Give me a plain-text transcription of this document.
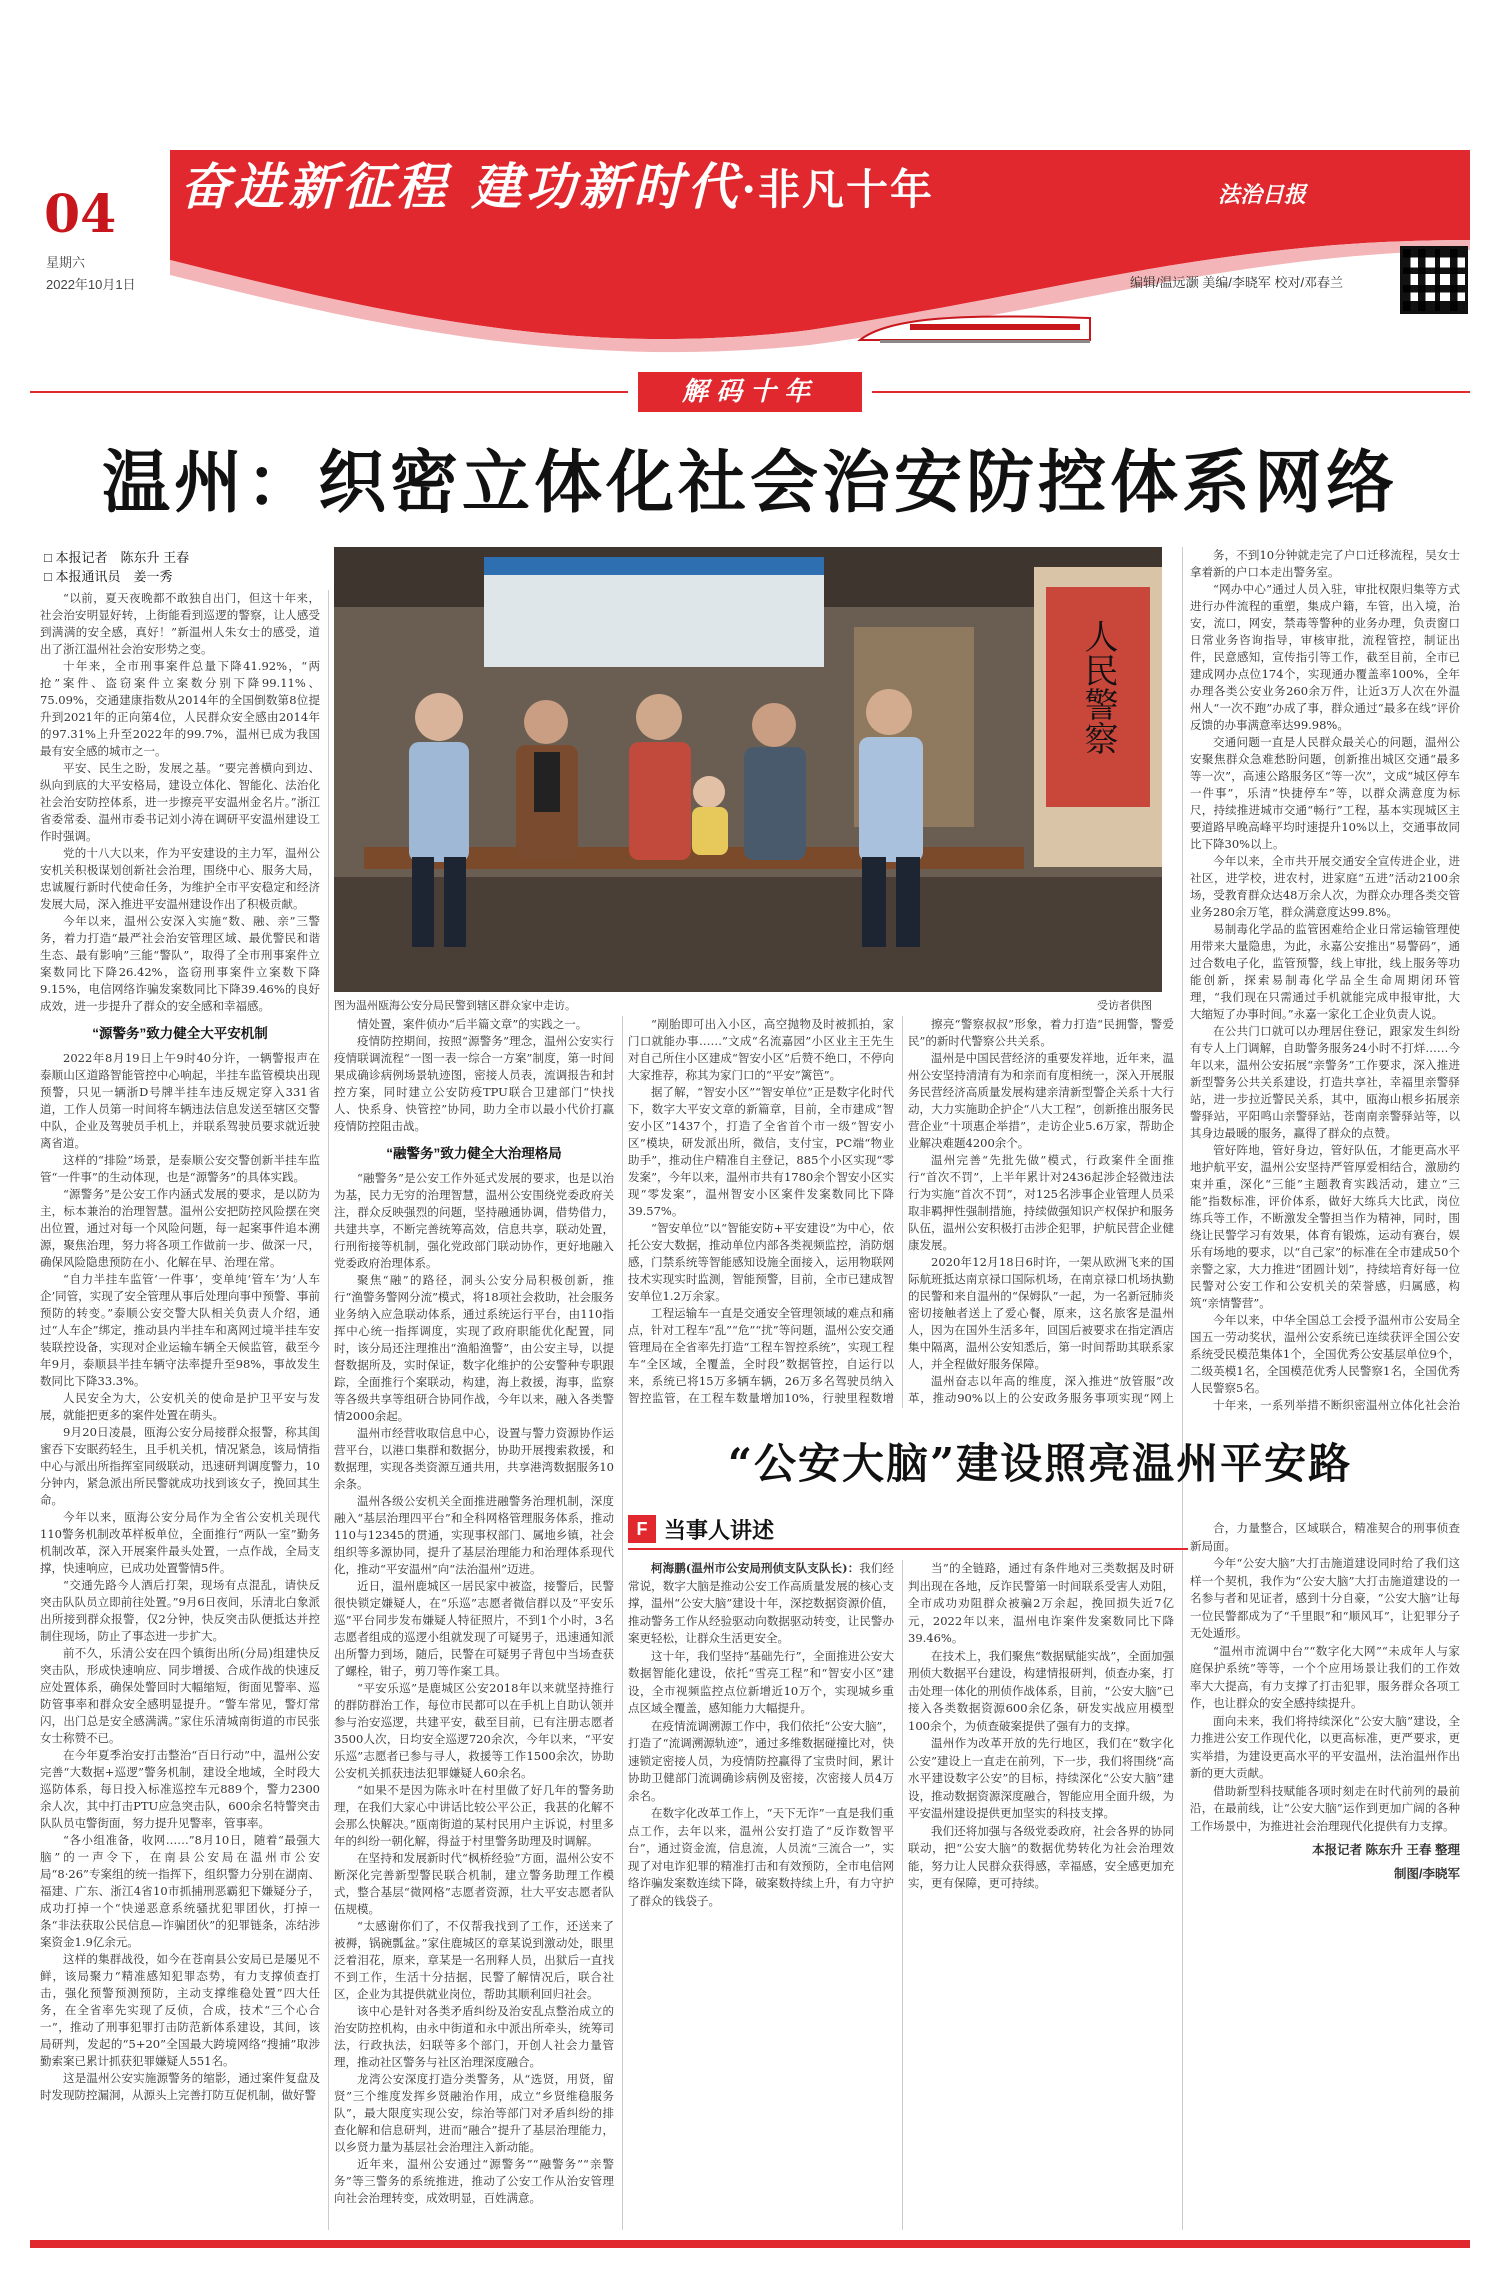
04
星期六
2022年10月1日
奋进新征程 建功新时代·非凡十年	法治日报
编辑/温远灏 美编/李晓军 校对/邓春兰
解码十年
温州：织密立体化社会治安防控体系网络
□ 本报记者　陈东升 王春
□ 本报通讯员　姜一秀
人民警察
图为温州瓯海公安分局民警到辖区群众家中走访。	受访者供图

“以前，夏天夜晚都不敢独自出门，但这十年来，社会治安明显好转，上街能看到巡逻的警察，让人感受到满满的安全感，真好！”新温州人朱女士的感受，道出了浙江温州社会治安形势之变。

十年来，全市刑事案件总量下降41.92%，“两抢”案件、盗窃案件立案数分别下降99.11%、75.09%，交通建康指数从2014年的全国倒数第8位提升到2021年的正向第4位，人民群众安全感由2014年的97.31%上升至2022年的99.7%，温州已成为我国最有安全感的城市之一。

平安、民生之盼，发展之基。“要完善横向到边、纵向到底的大平安格局，建设立体化、智能化、法治化社会治安防控体系，进一步擦亮平安温州金名片。”浙江省委常委、温州市委书记刘小涛在调研平安温州建设工作时强调。

党的十八大以来，作为平安建设的主力军，温州公安机关积极谋划创新社会治理，围绕中心、服务大局，忠诚履行新时代使命任务，为维护全市平安稳定和经济发展大局，深入推进平安温州建设作出了积极贡献。

今年以来，温州公安深入实施“数、融、亲”三警务，着力打造“最严社会治安管理区域、最优警民和谐生态、最有影响”三能“警队”，取得了全市刑事案件立案数同比下降26.42%，盗窃刑事案件立案数下降9.15%，电信网络诈骗发案数同比下降39.46%的良好成效，进一步提升了群众的安全感和幸福感。

“源警务”致力健全大平安机制

2022年8月19日上午9时40分许，一辆警报声在泰顺山区道路智能管控中心响起，半挂车监管模块出现预警，只见一辆浙D号牌半挂车违反规定穿入331省道，工作人员第一时间将车辆违法信息发送至辖区交警中队，企业及驾驶员手机上，并联系驾驶员要求就近驶离省道。

这样的“排险”场景，是泰顺公安交警创新半挂车监管“一件事”的生动体现，也是“源警务”的具体实践。

“源警务”是公安工作内涵式发展的要求，是以防为主，标本兼治的治理智慧。温州公安把防控风险摆在突出位置，通过对每一个风险问题，每一起案事件追本溯源，聚焦治理，努力将各项工作做前一步、做深一尺，确保风险隐患预防在小、化解在早、治理在常。

“自力半挂车监管‘一件事’，变单纯‘管车’为‘人车企’同管，实现了安全管理从事后处理向事中预警、事前预防的转变。”泰顺公安交警大队相关负责人介绍，通过“人车企”绑定，推动县内半挂车和离网过境半挂车安装联控设备，实现对企业运输车辆全天候监管，截至今年9月，泰顺县半挂车辆守法率提升至98%，事故发生数同比下降33.3%。

人民安全为大，公安机关的使命是护卫平安与发展，就能把更多的案件处置在萌头。

9月20日凌晨，瓯海公安分局接群众报警，称其闺蜜吞下安眠药轻生，且手机关机，情况紧急，该局情指中心与派出所指挥室同级联动，迅速研判调度警力，10分钟内，紧急派出所民警就成功找到该女子，挽回其生命。

今年以来，瓯海公安分局作为全省公安机关现代110警务机制改革样板单位，全面推行“两队一室”勤务机制改革，深入开展案件最头处置，一点作战，全局支撑，快速响应，已成功处置警情5件。

“交通先路今人酒后打架，现场有点混乱，请快反突击队队员立即前往处置。”9月6日夜间，乐清北白象派出所接到群众报警，仅2分钟，快反突击队便抵达并控制住现场，防止了事态进一步扩大。

前不久，乐清公安在四个镇街出所(分局)组建快反突击队，形成快速响应、同步增援、合成作战的快速反应处置体系，确保处警回时大幅缩短，街面见警率、巡防管事率和群众安全感明显提升。“警车常见，警灯常闪，出门总是安全感满满。”家住乐清城南街道的市民张女士称赞不已。

在今年夏季治安打击整治“百日行动”中，温州公安完善“大数据+巡逻”警务机制，建设全地域，全时段大巡防体系，每日投入标准巡控车元889个，警力2300余人次，其中打击PTU应急突击队，600余名特警突击队队员屯警街面，努力提升见警率，管事率。

“各小组准备，收网……”8月10日，随着“最强大脑”的一声令下，在南县公安局在温州市公安局“8·26”专案组的统一指挥下，组织警力分别在湖南、福建、广东、浙江4省10市抓捕刑恶霸犯下嫌疑分子，成功打掉一个“快递恶意系统骚扰犯罪团伙，打掉一条“非法获取公民信息—诈骗团伙”的犯罪链条，冻结涉案资金1.9亿余元。

这样的集群战役，如今在苍南县公安局已是屡见不鲜，该局聚力“精准感知犯罪态势，有力支撑侦查打击，强化预警预测预防，主动支撑维稳处置”四大任务，在全省率先实现了反侦，合成，技术“三个心合一”，推动了刑事犯罪打击防范新体系建设，其间，该局研判，发起的“5+20”全国最大跨境网络“搜捕”取涉勤索案已累计抓获犯罪嫌疑人551名。

这是温州公安实施源警务的缩影，通过案件复盘及时发现防控漏洞，从源头上完善打防互促机制，做好警

情处置，案件侦办“后半篇文章”的实践之一。

疫情防控期间，按照“源警务”理念，温州公安实行疫情联调流程“一图一表一综合一方案”制度，第一时间果成确诊病例场景轨迹图，密接人员表，流调报告和封控方案，同时建立公安防疫TPU联合卫建部门“快找人、快系身、快管控”协同，助力全市以最小代价打赢疫情防控阻击战。

“融警务”致力健全大治理格局

“融警务”是公安工作外延式发展的要求，也是以治为基，民力无穷的治理智慧，温州公安围绕党委政府关注，群众反映强烈的问题，坚持融通协调，借势借力，共建共享，不断完善统筹高效，信息共享，联动处置，行刑衔接等机制，强化党政部门联动协作，更好地融入党委政府治理体系。

聚焦“融”的路径，洞头公安分局积极创新，推行“渔警务警网分流”模式，将18项社会救助，社会服务业务纳入应急联动体系，通过系统运行平台，由110指挥中心统一指挥调度，实现了政府职能优化配置，同时，该分局还注理推出“渔船渔警”，由公安主导，以提督数据所及，实时保证，数字化维护的公安警种专职跟踪，全面推行个案联动，构建，海上救援，海事，监察等各级共享等组研合协同作战，今年以来，融入各类警情2000余起。

温州市经营收取信息中心，设置与警力资源协作运营平台，以港口集群和数据分，协助开展搜索救援，和数据理，实现各类资源互通共用，共享港湾数据服务10余条。

温州各级公安机关全面推进融警务治理机制，深度融入“基层治理四平台”和全科网格管理服务体系，推动110与12345的贯通，实现事权部门、属地乡镇，社会组织等多源协同，提升了基层治理能力和治理体系现代化，推动“平安温州”向“法治温州”迈进。

近日，温州鹿城区一居民家中被盗，接警后，民警很快锁定嫌疑人，在“乐巡”志愿者微信群以及“平安乐巡”平台同步发布嫌疑人特征照片，不到1个小时，3名志愿者组成的巡逻小组就发现了可疑男子，迅速通知派出所警力到场，随后，民警在可疑男子背包中当场查获了螺栓，钳子，剪刀等作案工具。

“平安乐巡”是鹿城区公安2018年以来就坚持推行的群防群治工作，每位市民都可以在手机上自助认领并参与治安巡逻，共建平安，截至目前，已有注册志愿者3500人次，日均安全巡逻720余次，今年以来，“平安乐巡”志愿者已参与寻人，救援等工作1500余次，协助公安机关抓获违法犯罪嫌疑人60余名。

“如果不是因为陈永叶在村里做了好几年的警务助理，在我们大家心中讲话比较公平公正，我甚的化解不会那么快解决。”瓯南街道的某村民用户主诉说，村里多年的纠纷一朝化解，得益于村里警务助理及时调解。

在坚持和发展新时代“枫桥经验”方面，温州公安不断深化完善新型警民联合机制，建立警务助理工作模式，整合基层“微网格”志愿者资源，壮大平安志愿者队伍规模。

“太感谢你们了，不仅帮我找到了工作，还送来了被褥，锅碗瓢盆。”家住鹿城区的章某说到激动处，眼里泛着泪花，原来，章某是一名刑释人员，出狱后一直找不到工作，生活十分拮据，民警了解情况后，联合社区，企业为其提供就业岗位，帮助其顺利回归社会。

该中心是针对各类矛盾纠纷及治安乱点整治成立的治安防控机构，由永中街道和永中派出所牵头，统筹司法，行政执法，妇联等多个部门，开创人社会力量管理，推动社区警务与社区治理深度融合。

龙湾公安深度打造分类警务，从“选贤，用贤，留贤”三个维度发挥乡贤融治作用，成立“乡贤维稳服务队”，最大限度实现公安，综治等部门对矛盾纠纷的排查化解和信息研判，进而“融合”提升了基层治理能力，以乡贤力量为基层社会治理注入新动能。

近年来，温州公安通过“源警务”“融警务”“亲警务”等三警务的系统推进，推动了公安工作从治安管理向社会治理转变，成效明显，百姓满意。

“剐胎即可出入小区，高空抛物及时被抓拍，家门口就能办事……”文成“名流嘉园”小区业主王先生对自己所住小区建成“智安小区”后赞不绝口，不停向大家推荐，称其为家门口的“平安”篱笆”。

据了解，“智安小区”“智安单位”正是数字化时代下，数字大平安文章的新篇章，目前，全市建成“智安小区”1437个，打造了全省首个市一级“智安小区”模块，研发派出所，微信，支付宝，PC端“物业助手”，推动住户精准自主登记，885个小区实现“零发案”，今年以来，温州市共有1780余个智安小区实现“零发案”，温州智安小区案件发案数同比下降39.57%。

“智安单位”以“智能安防+平安建设”为中心，依托公安大数据，推动单位内部各类视频监控，消防烟感，门禁系统等智能感知设施全面接入，运用物联网技术实现实时监测，智能预警，目前，全市已建成智安单位1.2万余家。

工程运输车一直是交通安全管理领域的难点和痛点，针对工程车“乱”“危”“扰”等问题，温州公安交通管理局在全省率先打造“工程车智控系统”，实现工程车“全区域，全覆盖，全时段”数据管控，自运行以来，系统已将15万多辆车辆，26万多名驾驶员纳入智控监管，在工程车数量增加10%，行驶里程数增

擦亮“警察叔叔”形象，着力打造“民拥警，警爱民”的新时代警察公共关系。

温州是中国民营经济的重要发祥地，近年来，温州公安坚持清清有为和亲而有度相统一，深入开展服务民营经济高质量发展构建亲清新型警企关系十大行动，大力实施助企护企“八大工程”，创新推出服务民营企业“十项惠企举措”，走访企业5.6万家，帮助企业解决难题4200余个。

温州完善“先批先做”模式，行政案件全面推行“首次不罚”，上半年累计对2436起涉企轻微违法行为实施“首次不罚”，对125名涉事企业管理人员采取非羁押性强制措施，持续做强知识产权保护和服务队伍，温州公安积极打击涉企犯罪，护航民营企业健康发展。

2020年12月18日6时许，一架从欧洲飞来的国际航班抵达南京禄口国际机场，在南京禄口机场执勤的民警和来自温州的“保姆队”一起，为一名新冠肺炎密切接触者送上了爱心餐，原来，这名旅客是温州人，因为在国外生活多年，回国后被要求在指定酒店集中隔离，温州公安知悉后，第一时间帮助其联系家人，并全程做好服务保障。

温州奋志以年高的维度，深入推进“放管服”改革，推动90%以上的公安政务服务事项实现“网上

务，不到10分钟就走完了户口迁移流程，吴女士拿着新的户口本走出警务室。

“网办中心”通过人员入驻，审批权限归集等方式进行办件流程的重塑，集成户籍，车管，出入境，治安，流口，网安，禁毒等警种的业务办理，负责窗口日常业务咨询指导，审核审批，流程管控，制证出件，民意感知，宣传指引等工作，截至目前，全市已建成网办点位174个，实现通办覆盖率100%，全年办理各类公安业务260余万件，让近3万人次在外温州人“一次不跑”办成了事，群众通过“最多在线”评价反馈的办事满意率达99.98%。

交通问题一直是人民群众最关心的问题，温州公安聚焦群众急难愁盼问题，创新推出城区交通“最多等一次”，高速公路服务区“等一次”，文成“城区停车一件事”，乐清“快捷停车”等，以群众满意度为标尺，持续推进城市交通“畅行”工程，基本实现城区主要道路早晚高峰平均时速提升10%以上，交通事故同比下降30%以上。

今年以来，全市共开展交通安全宣传进企业，进社区，进学校，进农村，进家庭“五进”活动2100余场，受教育群众达48万余人次，为群众办理各类交管业务280余万笔，群众满意度达99.8%。

易制毒化学品的监管困难给企业日常运输管理使用带来大量隐患，为此，永嘉公安推出“易警码”，通过合数电子化，监管预警，线上审批，线上服务等功能创新，探索易制毒化学品全生命周期闭环管理，“我们现在只需通过手机就能完成申报审批，大大缩短了办事时间。”永嘉一家化工企业负责人说。

在公共门口就可以办理居住登记，跟家发生纠纷有专人上门调解，自助警务服务24小时不打烊……今年以来，温州公安拓展“亲警务”工作要求，深入推进新型警务公共关系建设，打造共享社，幸福里亲警驿站，进一步拉近警民关系，其中，瓯海山根乡拓展亲警驿站，平阳鸣山亲警驿站，苍南南亲警驿站等，以其身边最暖的服务，赢得了群众的点赞。

管好阵地，管好身边，管好队伍，才能更高水平地护航平安，温州公安坚持严管厚爱相结合，激励约束并重，深化“三能”主题教育实践活动，建立“三能”指数标准，评价体系，做好大练兵大比武，岗位练兵等工作，不断激发全警担当作为精神，同时，围绕让民警学习有效果，体育有锻炼，运动有赛台，娱乐有场地的要求，以“自己家”的标准在全市建成50个亲警之家，大力推进“团圆计划”，持续培育好每一位民警对公安工作和公安机关的荣誉感，归属感，构筑“亲情警营”。

今年以来，中华全国总工会授予温州市公安局全国五一劳动奖状，温州公安系统已连续获评全国公安系统受民模范集体1个，全国优秀公安基层单位9个，二级英模1名，全国模范优秀人民警察1名，全国优秀人民警察5名。

十年来，一系列举措不断织密温州立体化社会治

“公安大脑”建设照亮温州平安路
F 当事人讲述

柯海鹏(温州市公安局刑侦支队支队长)：我们经常说，数字大脑是推动公安工作高质量发展的核心支撑，温州“公安大脑”建设十年，深挖数据资源价值，推动警务工作从经验驱动向数据驱动转变，让民警办案更轻松，让群众生活更安全。

这十年，我们坚持“基础先行”，全面推进公安大数据智能化建设，依托“雪亮工程”和“智安小区”建设，全市视频监控点位新增近10万个，实现城乡重点区域全覆盖，感知能力大幅提升。

在疫情流调溯源工作中，我们依托“公安大脑”，打造了“流调溯源轨迹”，通过多维数据碰撞比对，快速锁定密接人员，为疫情防控赢得了宝贵时间，累计协助卫健部门流调确诊病例及密接，次密接人员4万余名。

在数字化改革工作上，“天下无诈”一直是我们重点工作，去年以来，温州公安打造了“反诈数智平台”，通过资金流，信息流，人员流“三流合一”，实现了对电诈犯罪的精准打击和有效预防，全市电信网络诈骗发案数连续下降，破案数持续上升，有力守护了群众的钱袋子。

当”的全链路，通过有条件地对三类数据及时研判出现在各地，反诈民警第一时间联系受害人劝阻，全市成功劝阻群众被骗2万余起，挽回损失近7亿元，2022年以来，温州电诈案件发案数同比下降39.46%。

在技术上，我们聚焦“数据赋能实战”，全面加强刑侦大数据平台建设，构建情报研判，侦查办案，打击处理一体化的刑侦作战体系，目前，“公安大脑”已接入各类数据资源600余亿条，研发实战应用模型100余个，为侦查破案提供了强有力的支撑。

温州作为改革开放的先行地区，我们在“数字化公安”建设上一直走在前列，下一步，我们将围绕“高水平建设数字公安”的目标，持续深化“公安大脑”建设，推动数据资源深度融合，智能应用全面升级，为平安温州建设提供更加坚实的科技支撑。

我们还将加强与各级党委政府，社会各界的协同联动，把“公安大脑”的数据优势转化为社会治理效能，努力让人民群众获得感，幸福感，安全感更加充实，更有保障，更可持续。

合，力量整合，区域联合，精准契合的刑事侦查新局面。

今年“公安大脑”大打击施道建设同时给了我们这样一个契机，我作为“公安大脑”大打击施道建设的一名参与者和见证者，感到十分自豪，“公安大脑”让每一位民警都成为了“千里眼”和“顺风耳”，让犯罪分子无处遁形。

“温州市流调中台”“数字化大网”“未成年人与家庭保护系统”等等，一个个应用场景让我们的工作效率大大提高，有力支撑了打击犯罪，服务群众各项工作，也让群众的安全感持续提升。

面向未来，我们将持续深化“公安大脑”建设，全力推进公安工作现代化，以更高标准，更严要求，更实举措，为建设更高水平的平安温州，法治温州作出新的更大贡献。

借助新型科技赋能各项时刻走在时代前列的最前沿，在最前线，让“公安大脑”运作到更加广阔的各种工作场景中，为推进社会治理现代化提供有力支撑。

本报记者 陈东升 王春 整理

制图/李晓军
